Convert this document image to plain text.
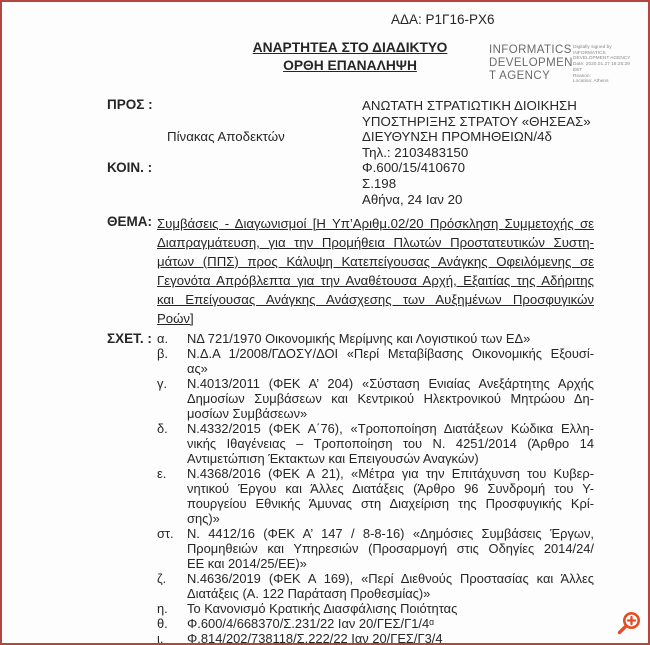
ΑΔΑ: Ρ1Γ16-ΡΧ6
ΑΝΑΡΤΗΤΕΑ ΣΤΟ ΔΙΑΔΙΚΤΥΟ
ΟΡΘΗ ΕΠΑΝΑΛΗΨΗ
INFORMATICS
DEVELOPMEN
T AGENCY
Digitally signed by
INFORMATICS
DEVELOPMENT AGENCY
Date: 2020.01.27 18:25:29
EET
Reason:
Location: Athens
ΠΡΟΣ :
Πίνακας Αποδεκτών
ΚΟΙΝ. :
ΑΝΩΤΑΤΗ ΣΤΡΑΤΙΩΤΙΚΗ ΔΙΟΙΚΗΣΗ
ΥΠΟΣΤΗΡΙΞΗΣ ΣΤΡΑΤΟΥ «ΘΗΣΕΑΣ»
ΔΙΕΥΘΥΝΣΗ ΠΡΟΜΗΘΕΙΩΝ/4δ
Τηλ.: 2103483150
Φ.600/15/410670
Σ.198
Αθήνα, 24 Ιαν 20
ΘΕΜΑ: Συμβάσεις - Διαγωνισμοί [Η Υπ’Αριθμ.02/20 Πρόσκληση Συμμετοχής σε
Διαπραγμάτευση, για την Προμήθεια Πλωτών Προστατευτικών Συστη-
μάτων (ΠΠΣ) προς Κάλυψη Κατεπείγουσας Ανάγκης Οφειλόμενης σε
Γεγονότα Απρόβλεπτα για την Αναθέτουσα Αρχή, Εξαιτίας της Αδήριτης
και Επείγουσας Ανάγκης Ανάσχεσης των Αυξημένων Προσφυγικών
Ροών]
ΣΧΕΤ. : α. ΝΔ 721/1970 Οικονομικής Μερίμνης και Λογιστικού των ΕΔ»
β. Ν.Δ.Α 1/2008/ΓΔΟΣΥ/ΔΟΙ «Περί Μεταβίβασης Οικονομικής Εξουσί-
ας»
γ. Ν.4013/2011 (ΦΕΚ Α’ 204) «Σύσταση Ενιαίας Ανεξάρτητης Αρχής
Δημοσίων Συμβάσεων και Κεντρικού Ηλεκτρονικού Μητρώου Δη-
μοσίων Συμβάσεων»
δ. Ν.4332/2015 (ΦΕΚ Α΄76), «Τροποποίηση Διατάξεων Κώδικα Ελλη-
νικής Ιθαγένειας – Τροποποίηση του Ν. 4251/2014 (Άρθρο 14
Αντιμετώπιση Έκτακτων και Επειγουσών Αναγκών)
ε. Ν.4368/2016 (ΦΕΚ Α 21), «Μέτρα για την Επιτάχυνση του Κυβερ-
νητικού Έργου και Άλλες Διατάξεις (Άρθρο 96 Συνδρομή του Υ-
πουργείου Εθνικής Άμυνας στη Διαχείριση της Προσφυγικής Κρί-
σης)»
στ. Ν. 4412/16 (ΦΕΚ Α’ 147 / 8-8-16) «Δημόσιες Συμβάσεις Έργων,
Προμηθειών και Υπηρεσιών (Προσαρμογή στις Οδηγίες 2014/24/
ΕΕ και 2014/25/ΕΕ)»
ζ. Ν.4636/2019 (ΦΕΚ Α 169), «Περί Διεθνούς Προστασίας και Άλλες
Διατάξεις (Α. 122 Παράταση Προθεσμίας)»
η. Το Κανονισμό Κρατικής Διασφάλισης Ποιότητας
θ. Φ.600/4/668370/Σ.231/22 Ιαν 20/ΓΕΣ/Γ1/4ᵅ
ι. Φ.814/202/738118/Σ.222/22 Ιαν 20/ΓΕΣ/Γ3/4
